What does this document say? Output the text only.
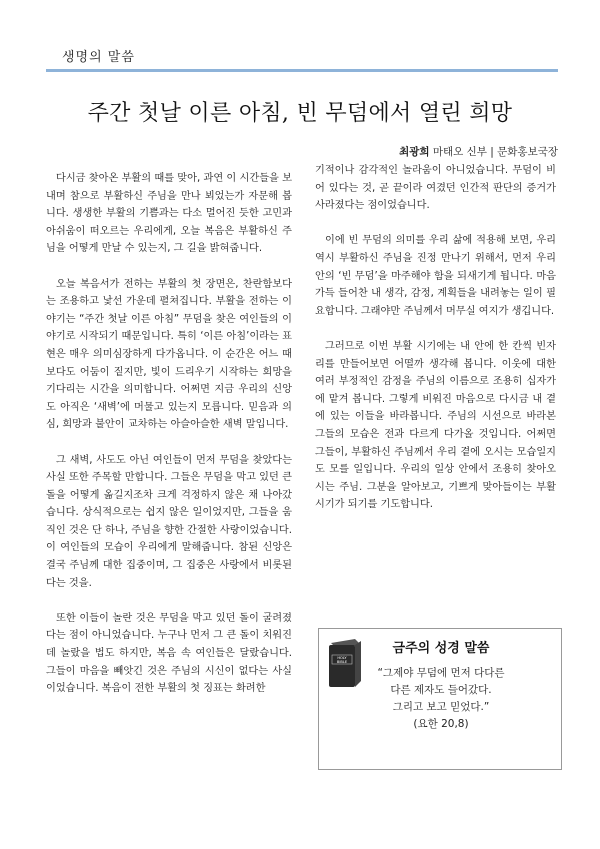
생명의 말씀
주간 첫날 이른 아침, 빈 무덤에서 열린 희망
최광희 마태오 신부 | 문화홍보국장

다시금 찾아온 부활의 때를 맞아, 과연 이 시간들을 보내며 참으로 부활하신 주님을 만나 뵈었는가 자문해 봅니다. 생생한 부활의 기쁨과는 다소 멀어진 듯한 고민과 아쉬움이 떠오르는 우리에게, 오늘 복음은 부활하신 주님을 어떻게 만날 수 있는지, 그 길을 밝혀줍니다.

오늘 복음서가 전하는 부활의 첫 장면은, 찬란함보다는 조용하고 낯선 가운데 펼쳐집니다. 부활을 전하는 이야기는 “주간 첫날 이른 아침” 무덤을 찾은 여인들의 이야기로 시작되기 때문입니다. 특히 ‘이른 아침’이라는 표현은 매우 의미심장하게 다가옵니다. 이 순간은 어느 때보다도 어둠이 짙지만, 빛이 드리우기 시작하는 희망을 기다리는 시간을 의미합니다. 어쩌면 지금 우리의 신앙도 아직은 ‘새벽’에 머물고 있는지 모릅니다. 믿음과 의심, 희망과 불안이 교차하는 아슬아슬한 새벽 말입니다.

그 새벽, 사도도 아닌 여인들이 먼저 무덤을 찾았다는 사실 또한 주목할 만합니다. 그들은 무덤을 막고 있던 큰 돌을 어떻게 옮길지조차 크게 걱정하지 않은 채 나아갔습니다. 상식적으로는 쉽지 않은 일이었지만, 그들을 움직인 것은 단 하나, 주님을 향한 간절한 사랑이었습니다. 이 여인들의 모습이 우리에게 말해줍니다. 참된 신앙은 결국 주님께 대한 집중이며, 그 집중은 사랑에서 비롯된다는 것을.

또한 이들이 놀란 것은 무덤을 막고 있던 돌이 굴려졌다는 점이 아니었습니다. 누구나 먼저 그 큰 돌이 치워진 데 놀랐을 법도 하지만, 복음 속 여인들은 달랐습니다. 그들이 마음을 빼앗긴 것은 주님의 시신이 없다는 사실이었습니다. 복음이 전한 부활의 첫 징표는 화려한

기적이나 감각적인 놀라움이 아니었습니다. 무덤이 비어 있다는 것, 곧 끝이라 여겼던 인간적 판단의 증거가 사라졌다는 점이었습니다.

이에 빈 무덤의 의미를 우리 삶에 적용해 보면, 우리 역시 부활하신 주님을 진정 만나기 위해서, 먼저 우리 안의 ‘빈 무덤’을 마주해야 함을 되새기게 됩니다. 마음 가득 들어찬 내 생각, 감정, 계획들을 내려놓는 일이 필요합니다. 그래야만 주님께서 머무실 여지가 생깁니다.

그러므로 이번 부활 시기에는 내 안에 한 칸씩 빈자리를 만들어보면 어떨까 생각해 봅니다. 이웃에 대한 여러 부정적인 감정을 주님의 이름으로 조용히 십자가에 맡겨 봅니다. 그렇게 비워진 마음으로 다시금 내 곁에 있는 이들을 바라봅니다. 주님의 시선으로 바라본 그들의 모습은 전과 다르게 다가올 것입니다. 어쩌면 그들이, 부활하신 주님께서 우리 곁에 오시는 모습일지도 모를 일입니다. 우리의 일상 안에서 조용히 찾아오시는 주님. 그분을 알아보고, 기쁘게 맞아들이는 부활 시기가 되기를 기도합니다.

HOLY
BIBLE
금주의 성경 말씀
“그제야 무덤에 먼저 다다른
다른 제자도 들어갔다.
그리고 보고 믿었다.”
(요한 20,8)
